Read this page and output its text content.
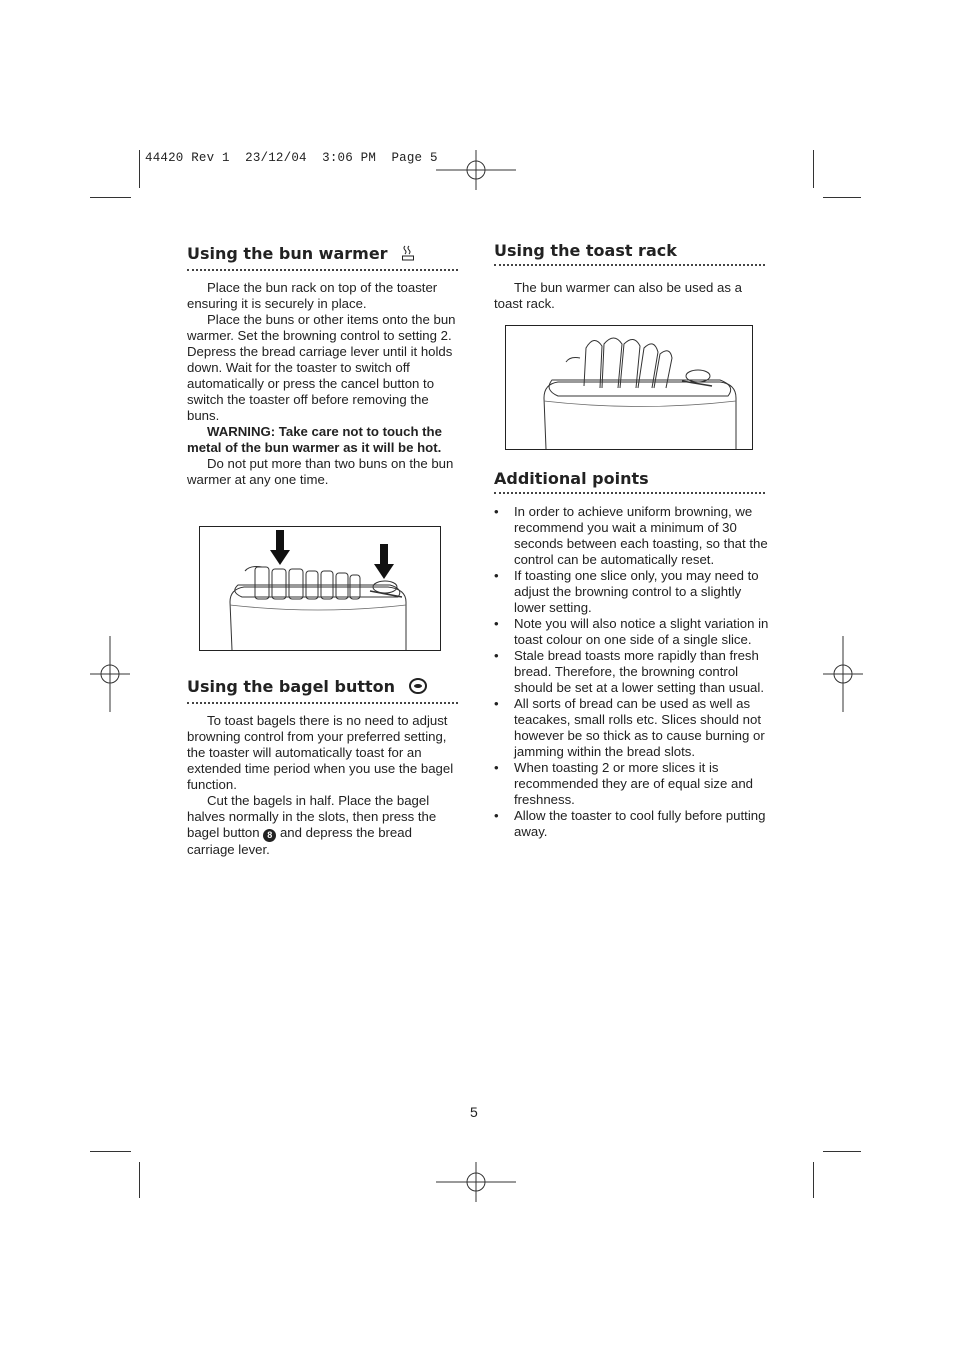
44420 Rev 1  23/12/04  3:06 PM  Page 5
Using the bun warmer

Place the bun rack on top of the toaster ensuring it is securely in place.

Place the buns or other items onto the bun warmer. Set the browning control to setting 2. Depress the bread carriage lever until it holds down. Wait for the toaster to switch off automatically or press the cancel button to switch the toaster off before removing the buns.

WARNING: Take care not to touch the metal of the bun warmer as it will be hot.

Do not put more than two buns on the bun warmer at any one time.

Using the bagel button

To toast bagels there is no need to adjust browning control from your preferred setting, the toaster will automatically toast for an extended time period when you use the bagel function.

Cut the bagels in half. Place the bagel halves normally in the slots, then press the bagel button 8 and depress the bread carriage lever.

Using the toast rack

The bun warmer can also be used as a toast rack.

Additional points
• In order to achieve uniform browning, we recommend you wait a minimum of 30 seconds between each toasting, so that the control can be automatically reset.
• If toasting one slice only, you may need to adjust the browning control to a slightly lower setting.
• Note you will also notice a slight variation in toast colour on one side of a single slice.
• Stale bread toasts more rapidly than fresh bread. Therefore, the browning control should be set at a lower setting than usual.
• All sorts of bread can be used as well as teacakes, small rolls etc. Slices should not however be so thick as to cause burning or jamming within the bread slots.
• When toasting 2 or more slices it is recommended they are of equal size and freshness.
• Allow the toaster to cool fully before putting away.
5
